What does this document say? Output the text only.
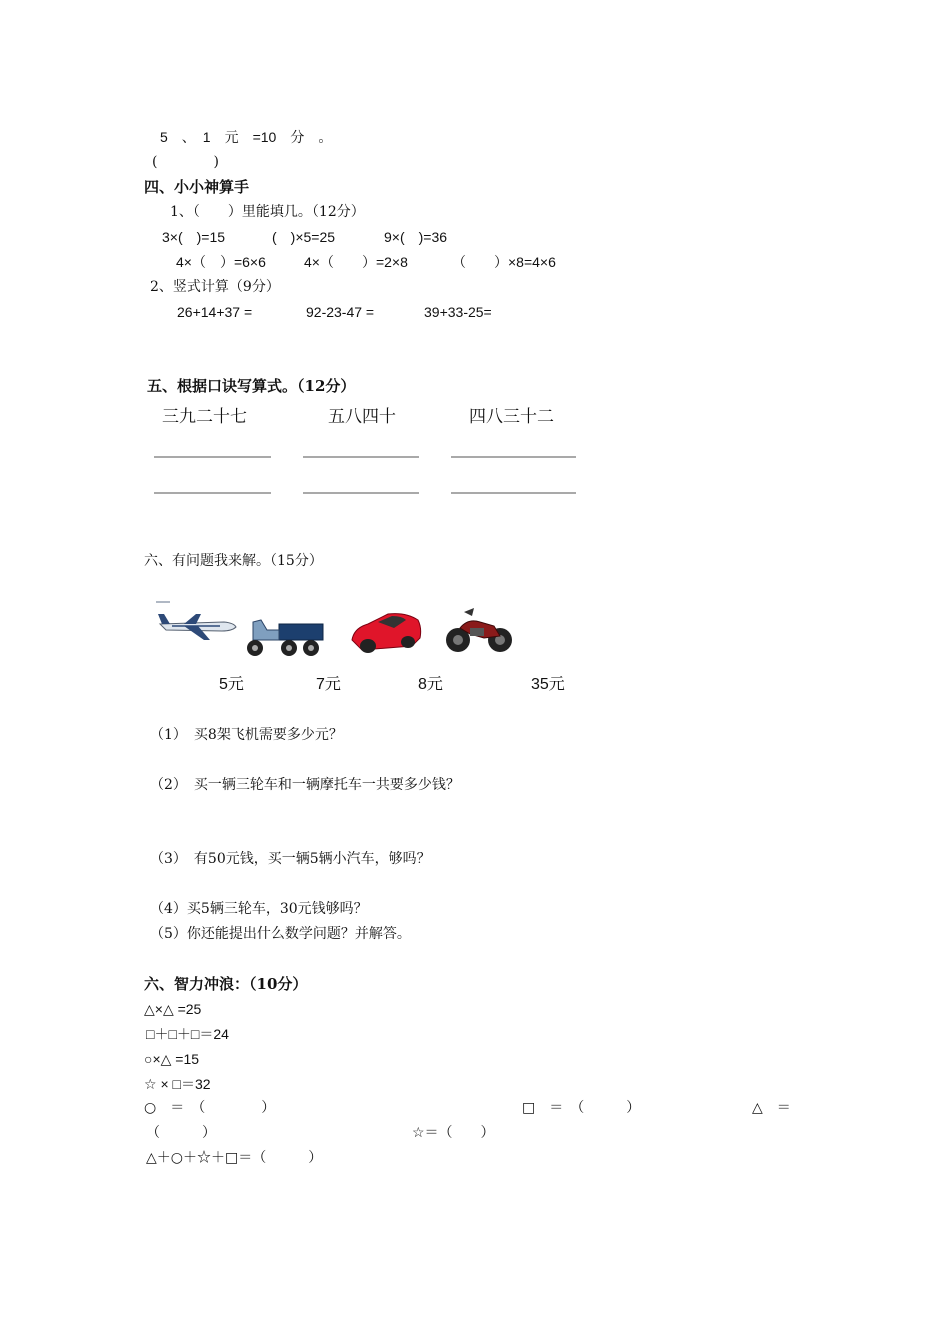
5　、　1　元　=10　分　。
(　　　　)
四、小小神算手
1、（　　）里能填几。（12分）
3×(　)=15	(　)×5=25	9×(　)=36
4×（　）=6×6	4×（　　）=2×8	（　　）×8=4×6
2、竖式计算（9分）
26+14+37 =	92-23-47 =	39+33-25=
五、根据口诀写算式。（12分）
三九二十七	五八四十	四八三十二
六、有问题我来解。（15分）
5元	7元	8元	35元
（1）　买8架飞机需要多少元？
（2）　买一辆三轮车和一辆摩托车一共要多少钱？
（3）　有50元钱，买一辆5辆小汽车，够吗？
（4）买5辆三轮车，30元钱够吗？
（5）你还能提出什么数学问题？并解答。
六、智力冲浪：（10分）
△×△ =25
□＋□＋□＝24
○×△ =15
☆ × □＝32
○　＝　（　　　　）	□　＝　（　　　）	△　＝
（　　　）	☆＝（　　）
△＋○＋☆＋□＝（　　　）
